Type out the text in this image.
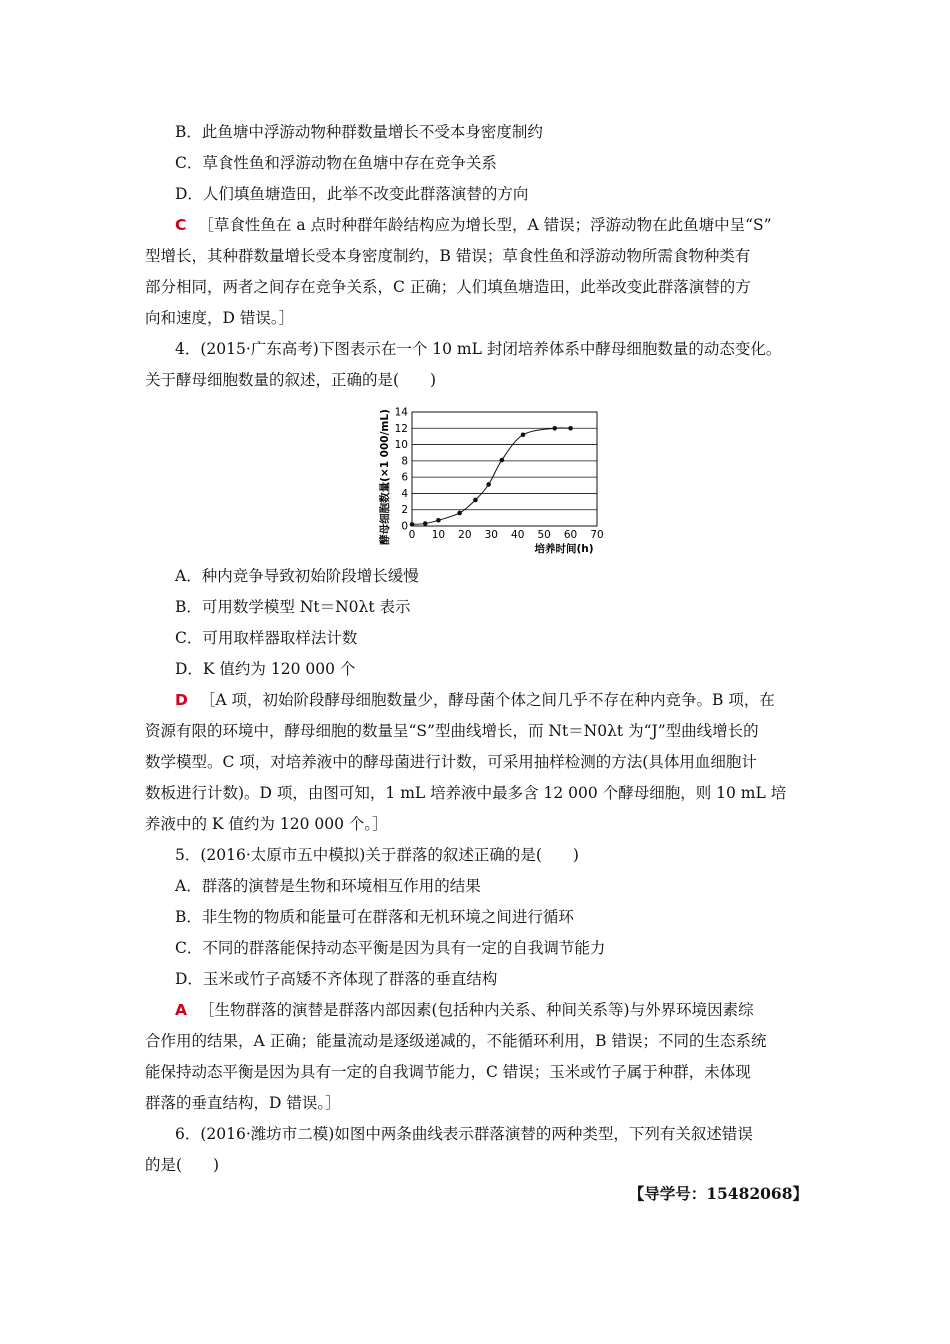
B．此鱼塘中浮游动物种群数量增长不受本身密度制约
C．草食性鱼和浮游动物在鱼塘中存在竞争关系
D．人们填鱼塘造田，此举不改变此群落演替的方向
C ［草食性鱼在 a 点时种群年龄结构应为增长型，A 错误；浮游动物在此鱼塘中呈“S”
型增长，其种群数量增长受本身密度制约，B 错误；草食性鱼和浮游动物所需食物种类有
部分相同，两者之间存在竞争关系，C 正确；人们填鱼塘造田，此举改变此群落演替的方
向和速度，D 错误。］
4．(2015·广东高考)下图表示在一个 10 mL 封闭培养体系中酵母细胞数量的动态变化。
关于酵母细胞数量的叙述，正确的是(　　)
0
2
4
6
8
10
12
14
0 10 20 30 40 50 60 70
酵母细胞数量(×1 000/mL)
培养时间(h)
A．种内竞争导致初始阶段增长缓慢
B．可用数学模型 Nt＝N0λt 表示
C．可用取样器取样法计数
D．K 值约为 120 000 个
D ［A 项，初始阶段酵母细胞数量少，酵母菌个体之间几乎不存在种内竞争。B 项，在
资源有限的环境中，酵母细胞的数量呈“S”型曲线增长，而 Nt＝N0λt 为“J”型曲线增长的
数学模型。C 项，对培养液中的酵母菌进行计数，可采用抽样检测的方法(具体用血细胞计
数板进行计数)。D 项，由图可知，1 mL 培养液中最多含 12 000 个酵母细胞，则 10 mL 培
养液中的 K 值约为 120 000 个。］
5．(2016·太原市五中模拟)关于群落的叙述正确的是(　　)
A．群落的演替是生物和环境相互作用的结果
B．非生物的物质和能量可在群落和无机环境之间进行循环
C．不同的群落能保持动态平衡是因为具有一定的自我调节能力
D．玉米或竹子高矮不齐体现了群落的垂直结构
A ［生物群落的演替是群落内部因素(包括种内关系、种间关系等)与外界环境因素综
合作用的结果，A 正确；能量流动是逐级递减的，不能循环利用，B 错误；不同的生态系统
能保持动态平衡是因为具有一定的自我调节能力，C 错误；玉米或竹子属于种群，未体现
群落的垂直结构，D 错误。］
6．(2016·潍坊市二模)如图中两条曲线表示群落演替的两种类型，下列有关叙述错误
的是(　　)
【导学号：15482068】
